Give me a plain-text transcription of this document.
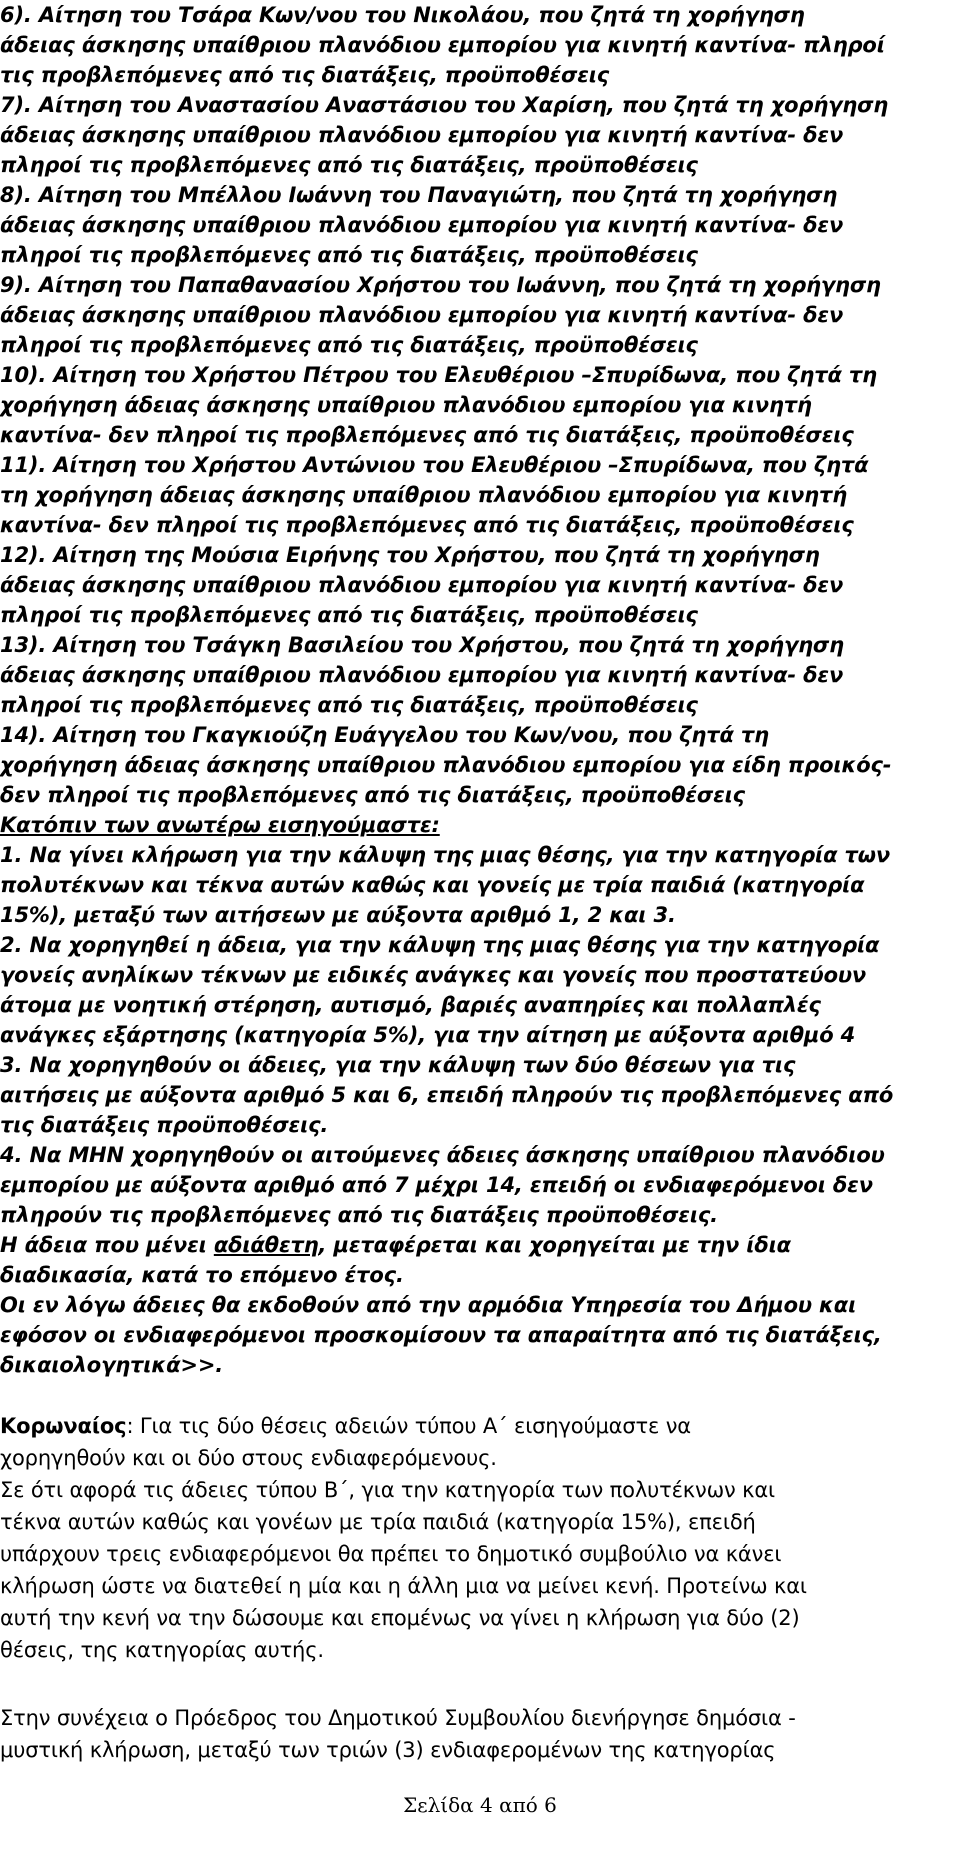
6). Αίτηση του Τσάρα Κων/νου του Νικολάου, που ζητά τη χορήγηση
άδειας άσκησης υπαίθριου πλανόδιου εμπορίου για κινητή καντίνα- πληροί
τις προβλεπόμενες από τις διατάξεις, προϋποθέσεις
7). Αίτηση του Αναστασίου Αναστάσιου του Χαρίση, που ζητά τη χορήγηση
άδειας άσκησης υπαίθριου πλανόδιου εμπορίου για κινητή καντίνα- δεν
πληροί τις προβλεπόμενες από τις διατάξεις, προϋποθέσεις
8). Αίτηση του Μπέλλου Ιωάννη του Παναγιώτη, που ζητά τη χορήγηση
άδειας άσκησης υπαίθριου πλανόδιου εμπορίου για κινητή καντίνα- δεν
πληροί τις προβλεπόμενες από τις διατάξεις, προϋποθέσεις
9). Αίτηση του Παπαθανασίου Χρήστου του Ιωάννη, που ζητά τη χορήγηση
άδειας άσκησης υπαίθριου πλανόδιου εμπορίου για κινητή καντίνα- δεν
πληροί τις προβλεπόμενες από τις διατάξεις, προϋποθέσεις
10). Αίτηση του Χρήστου Πέτρου του Ελευθέριου –Σπυρίδωνα, που ζητά τη
χορήγηση άδειας άσκησης υπαίθριου πλανόδιου εμπορίου για κινητή
καντίνα- δεν πληροί τις προβλεπόμενες από τις διατάξεις, προϋποθέσεις
11). Αίτηση του Χρήστου Αντώνιου του Ελευθέριου –Σπυρίδωνα, που ζητά
τη χορήγηση άδειας άσκησης υπαίθριου πλανόδιου εμπορίου για κινητή
καντίνα- δεν πληροί τις προβλεπόμενες από τις διατάξεις, προϋποθέσεις
12). Αίτηση της Μούσια Ειρήνης του Χρήστου, που ζητά τη χορήγηση
άδειας άσκησης υπαίθριου πλανόδιου εμπορίου για κινητή καντίνα- δεν
πληροί τις προβλεπόμενες από τις διατάξεις, προϋποθέσεις
13). Αίτηση του Τσάγκη Βασιλείου του Χρήστου, που ζητά τη χορήγηση
άδειας άσκησης υπαίθριου πλανόδιου εμπορίου για κινητή καντίνα- δεν
πληροί τις προβλεπόμενες από τις διατάξεις, προϋποθέσεις
14). Αίτηση του Γκαγκιούζη Ευάγγελου του Κων/νου, που ζητά τη
χορήγηση άδειας άσκησης υπαίθριου πλανόδιου εμπορίου για είδη προικός-
δεν πληροί τις προβλεπόμενες από τις διατάξεις, προϋποθέσεις
Κατόπιν των ανωτέρω εισηγούμαστε:
1. Να γίνει κλήρωση για την κάλυψη της μιας θέσης, για την κατηγορία των
πολυτέκνων και τέκνα αυτών καθώς και γονείς με τρία παιδιά (κατηγορία
15%), μεταξύ των αιτήσεων με αύξοντα αριθμό 1, 2 και 3.
2. Να χορηγηθεί η άδεια, για την κάλυψη της μιας θέσης για την κατηγορία
γονείς ανηλίκων τέκνων με ειδικές ανάγκες και γονείς που προστατεύουν
άτομα με νοητική στέρηση, αυτισμό, βαριές αναπηρίες και πολλαπλές
ανάγκες εξάρτησης (κατηγορία 5%), για την αίτηση με αύξοντα αριθμό 4
3. Να χορηγηθούν οι άδειες, για την κάλυψη των δύο θέσεων για τις
αιτήσεις με αύξοντα αριθμό 5 και 6, επειδή πληρούν τις προβλεπόμενες από
τις διατάξεις προϋποθέσεις.
4. Να ΜΗΝ χορηγηθούν οι αιτούμενες άδειες άσκησης υπαίθριου πλανόδιου
εμπορίου με αύξοντα αριθμό από 7 μέχρι 14, επειδή οι ενδιαφερόμενοι δεν
πληρούν τις προβλεπόμενες από τις διατάξεις προϋποθέσεις.
Η άδεια που μένει αδιάθετη, μεταφέρεται και χορηγείται με την ίδια
διαδικασία, κατά το επόμενο έτος.
Οι εν λόγω άδειες θα εκδοθούν από την αρμόδια Υπηρεσία του Δήμου και
εφόσον οι ενδιαφερόμενοι προσκομίσουν τα απαραίτητα από τις διατάξεις,
δικαιολογητικά>>.
Κορωναίος: Για τις δύο θέσεις αδειών τύπου Α΄ εισηγούμαστε να
χορηγηθούν και οι δύο στους ενδιαφερόμενους.
Σε ότι αφορά τις άδειες τύπου Β΄, για την κατηγορία των πολυτέκνων και
τέκνα αυτών καθώς και γονέων με τρία παιδιά (κατηγορία 15%), επειδή
υπάρχουν τρεις ενδιαφερόμενοι θα πρέπει το δημοτικό συμβούλιο να κάνει
κλήρωση ώστε να διατεθεί η μία και η άλλη μια να μείνει κενή. Προτείνω και
αυτή την κενή να την δώσουμε και επομένως να γίνει η κλήρωση για δύο (2)
θέσεις, της κατηγορίας αυτής.
Στην συνέχεια ο Πρόεδρος του Δημοτικού Συμβουλίου διενήργησε δημόσια -
μυστική κλήρωση, μεταξύ των τριών (3) ενδιαφερομένων της κατηγορίας
Σελίδα 4 από 6
